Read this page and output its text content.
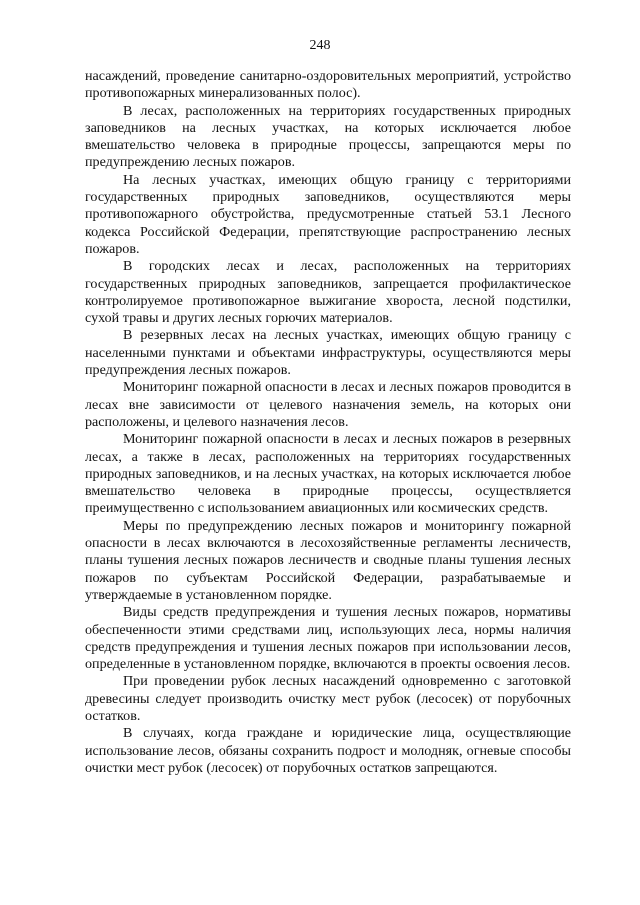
248

насаждений, проведение санитарно-оздоровительных мероприятий, устройство противопожарных минерализованных полос).

В лесах, расположенных на территориях государственных природных заповедников на лесных участках, на которых исключается любое вмешательство человека в природные процессы, запрещаются меры по предупреждению лесных пожаров.

На лесных участках, имеющих общую границу с территориями государственных природных заповедников, осуществляются меры противопожарного обустройства, предусмотренные статьей 53.1 Лесного кодекса Российской Федерации, препятствующие распространению лесных пожаров.

В городских лесах и лесах, расположенных на территориях государственных природных заповедников, запрещается профилактическое контролируемое противопожарное выжигание хвороста, лесной подстилки, сухой травы и других лесных горючих материалов.

В резервных лесах на лесных участках, имеющих общую границу с населенными пунктами и объектами инфраструктуры, осуществляются меры предупреждения лесных пожаров.

Мониторинг пожарной опасности в лесах и лесных пожаров проводится в лесах вне зависимости от целевого назначения земель, на которых они расположены, и целевого назначения лесов.

Мониторинг пожарной опасности в лесах и лесных пожаров в резервных лесах, а также в лесах, расположенных на территориях государственных природных заповедников, и на лесных участках, на которых исключается любое вмешательство человека в природные процессы, осуществляется преимущественно с использованием авиационных или космических средств.

Меры по предупреждению лесных пожаров и мониторингу пожарной опасности в лесах включаются в лесохозяйственные регламенты лесничеств, планы тушения лесных пожаров лесничеств и сводные планы тушения лесных пожаров по субъектам Российской Федерации, разрабатываемые и утверждаемые в установленном порядке.

Виды средств предупреждения и тушения лесных пожаров, нормативы обеспеченности этими средствами лиц, использующих леса, нормы наличия средств предупреждения и тушения лесных пожаров при использовании лесов, определенные в установленном порядке, включаются в проекты освоения лесов.

При проведении рубок лесных насаждений одновременно с заготовкой древесины следует производить очистку мест рубок (лесосек) от порубочных остатков.

В случаях, когда граждане и юридические лица, осуществляющие использование лесов, обязаны сохранить подрост и молодняк, огневые способы очистки мест рубок (лесосек) от порубочных остатков запрещаются.
